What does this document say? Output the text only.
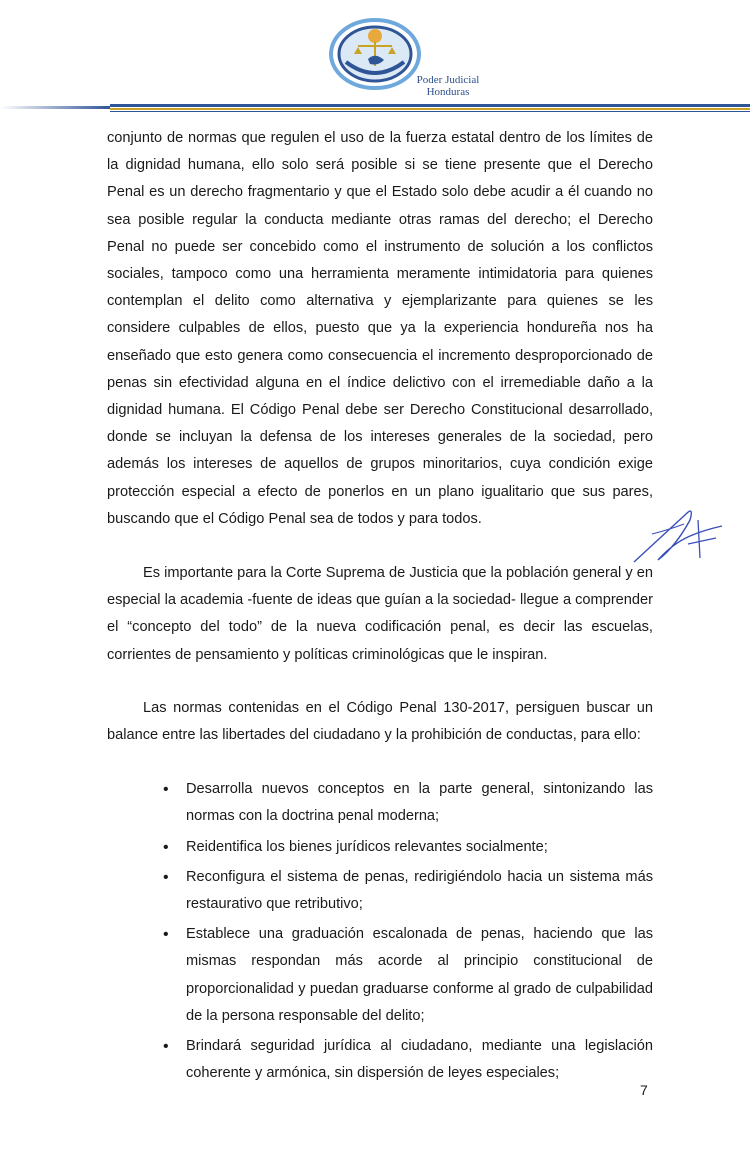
Poder Judicial
Honduras

conjunto de normas que regulen el uso de la fuerza estatal dentro de los límites de la dignidad humana, ello solo será posible si se tiene presente que el Derecho Penal es un derecho fragmentario y que el Estado solo debe acudir a él cuando no sea posible regular la conducta mediante otras ramas del derecho; el Derecho Penal no puede ser concebido como el instrumento de solución a los conflictos sociales, tampoco como una herramienta meramente intimidatoria para quienes contemplan el delito como alternativa y ejemplarizante para quienes se les considere culpables de ellos, puesto que ya la experiencia hondureña nos ha enseñado que esto genera como consecuencia el incremento desproporcionado de penas sin efectividad alguna en el índice delictivo con el irremediable daño a la dignidad humana. El Código Penal debe ser Derecho Constitucional desarrollado, donde se incluyan la defensa de los intereses generales de la sociedad, pero además los intereses de aquellos de grupos minoritarios, cuya condición exige protección especial a efecto de ponerlos en un plano igualitario que sus pares, buscando que el Código Penal sea de todos y para todos.

Es importante para la Corte Suprema de Justicia que la población general y en especial la academia -fuente de ideas que guían a la sociedad- llegue a comprender el “concepto del todo” de la nueva codificación penal, es decir las escuelas, corrientes de pensamiento y políticas criminológicas que le inspiran.

Las normas contenidas en el Código Penal 130-2017, persiguen buscar un balance entre las libertades del ciudadano y la prohibición de conductas, para ello:

• Desarrolla nuevos conceptos en la parte general, sintonizando las normas con la doctrina penal moderna;
• Reidentifica los bienes jurídicos relevantes socialmente;
• Reconfigura el sistema de penas, redirigiéndolo hacia un sistema más restaurativo que retributivo;
• Establece una graduación escalonada de penas, haciendo que las mismas respondan más acorde al principio constitucional de proporcionalidad y puedan graduarse conforme al grado de culpabilidad de la persona responsable del delito;
• Brindará seguridad jurídica al ciudadano, mediante una legislación coherente y armónica, sin dispersión de leyes especiales;
7
